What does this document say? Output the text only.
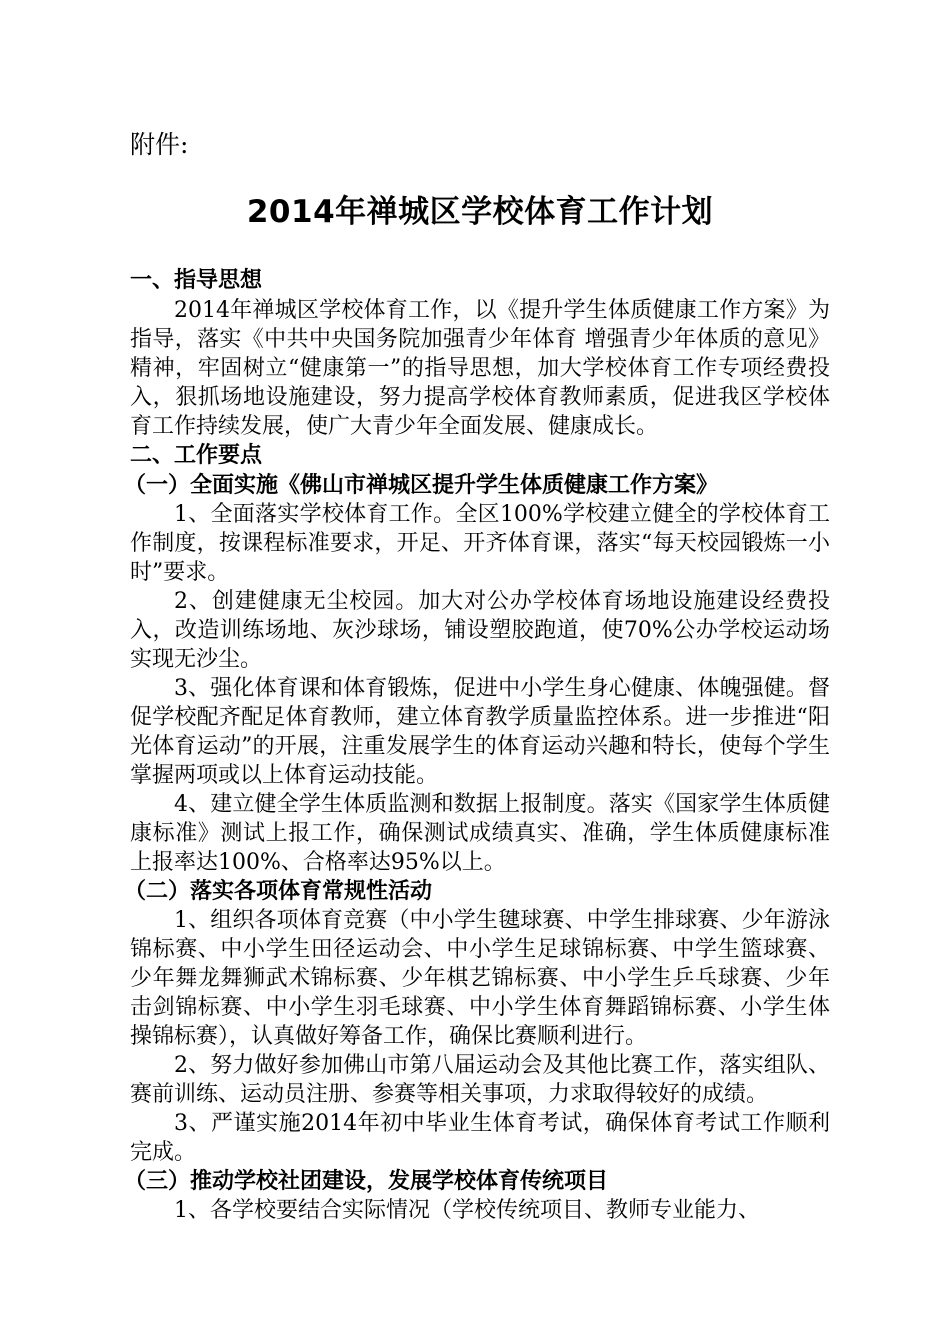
附件:

2014年禅城区学校体育工作计划
一、指导思想

2014年禅城区学校体育工作，以《提升学生体质健康工作方案》为指导，落实《中共中央国务院加强青少年体育 增强青少年体质的意见》精神，牢固树立“健康第一”的指导思想，加大学校体育工作专项经费投入，狠抓场地设施建设，努力提高学校体育教师素质，促进我区学校体育工作持续发展，使广大青少年全面发展、健康成长。

二、工作要点
（一）全面实施《佛山市禅城区提升学生体质健康工作方案》

1、全面落实学校体育工作。全区100%学校建立健全的学校体育工作制度，按课程标准要求，开足、开齐体育课，落实“每天校园锻炼一小时”要求。

2、创建健康无尘校园。加大对公办学校体育场地设施建设经费投入，改造训练场地、灰沙球场，铺设塑胶跑道，使70%公办学校运动场实现无沙尘。

3、强化体育课和体育锻炼，促进中小学生身心健康、体魄强健。督促学校配齐配足体育教师，建立体育教学质量监控体系。进一步推进“阳光体育运动”的开展，注重发展学生的体育运动兴趣和特长，使每个学生掌握两项或以上体育运动技能。

4、建立健全学生体质监测和数据上报制度。落实《国家学生体质健康标准》测试上报工作，确保测试成绩真实、准确，学生体质健康标准上报率达100%、合格率达95%以上。

（二）落实各项体育常规性活动

1、组织各项体育竞赛（中小学生毽球赛、中学生排球赛、少年游泳锦标赛、中小学生田径运动会、中小学生足球锦标赛、中学生篮球赛、少年舞龙舞狮武术锦标赛、少年棋艺锦标赛、中小学生乒乓球赛、少年击剑锦标赛、中小学生羽毛球赛、中小学生体育舞蹈锦标赛、小学生体操锦标赛），认真做好筹备工作，确保比赛顺利进行。

2、努力做好参加佛山市第八届运动会及其他比赛工作，落实组队、赛前训练、运动员注册、参赛等相关事项，力求取得较好的成绩。

3、严谨实施2014年初中毕业生体育考试，确保体育考试工作顺利完成。

（三）推动学校社团建设，发展学校体育传统项目

1、各学校要结合实际情况（学校传统项目、教师专业能力、
